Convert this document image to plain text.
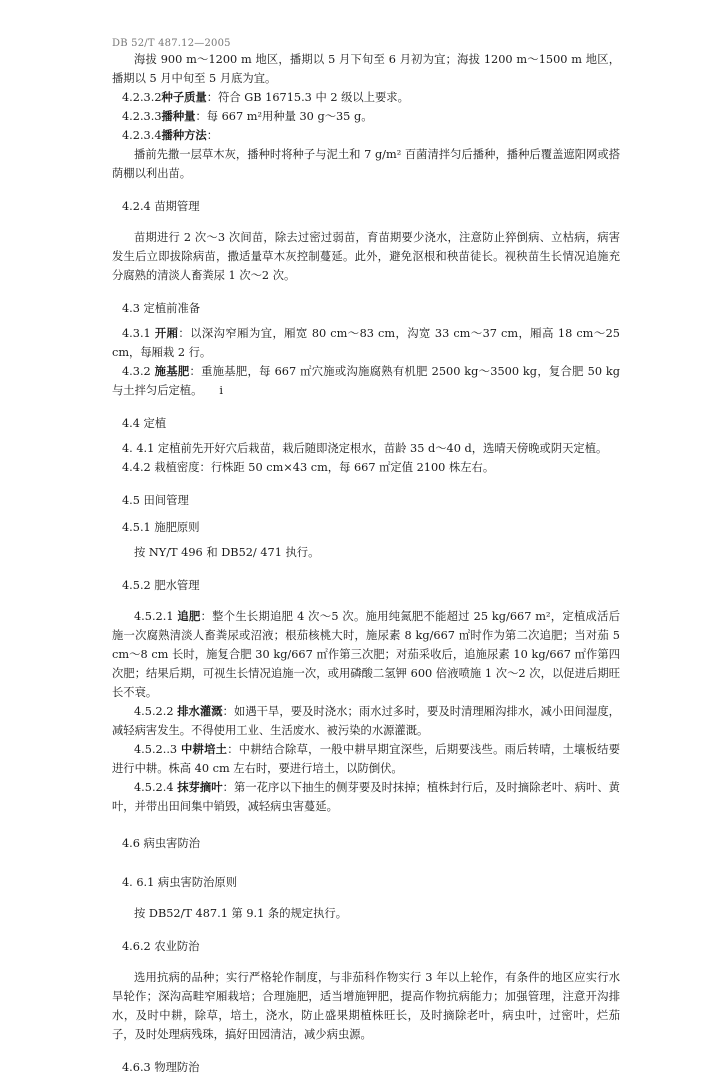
DB 52/T 487.12—2005

海拔 900 m～1200 m 地区，播期以 5 月下旬至 6 月初为宜；海拔 1200 m～1500 m 地区，播期以 5 月中旬至 5 月底为宜。

4.2.3.2种子质量：符合 GB 16715.3 中 2 级以上要求。

4.2.3.3播种量：每 667 m²用种量 30 g～35 g。

4.2.3.4播种方法：

播前先撒一层草木灰，播种时将种子与泥土和 7 g/m² 百菌清拌匀后播种，播种后覆盖遮阳网或搭荫棚以利出苗。

4.2.4 苗期管理

苗期进行 2 次～3 次间苗，除去过密过弱苗，育苗期要少浇水，注意防止猝倒病、立枯病，病害发生后立即拔除病苗，撒适量草木灰控制蔓延。此外，避免沤根和秧苗徒长。视秧苗生长情况追施充分腐熟的清淡人畜粪尿 1 次～2 次。

4.3 定植前准备

4.3.1 开厢：以深沟窄厢为宜，厢宽 80 cm～83 cm，沟宽 33 cm～37 cm，厢高 18 cm～25 cm，每厢栽 2 行。

4.3.2 施基肥：重施基肥，每 667 ㎡穴施或沟施腐熟有机肥 2500 kg～3500 kg，复合肥 50 kg 与土拌匀后定植。　　i

4.4 定植

4. 4.1 定植前先开好穴后栽苗，栽后随即浇定根水，苗龄 35 d～40 d，选晴天傍晚或阴天定植。

4.4.2 栽植密度：行株距 50 cm×43 cm，每 667 ㎡定值 2100 株左右。

4.5 田间管理

4.5.1 施肥原则

按 NY/T 496 和 DB52/ 471 执行。

4.5.2 肥水管理

4.5.2.1 追肥：整个生长期追肥 4 次～5 次。施用纯氮肥不能超过 25 kg/667 m²，定植成活后施一次腐熟清淡人畜粪尿或沼液；根茄核桃大时，施尿素 8 kg/667 ㎡时作为第二次追肥；当对茄 5 cm～8 cm 长时，施复合肥 30 kg/667 ㎡作第三次肥；对茄采收后，追施尿素 10 kg/667 ㎡作第四次肥；结果后期，可视生长情况追施一次，或用磷酸二氢钾 600 倍液喷施 1 次～2 次，以促进后期旺长不衰。

4.5.2.2 排水灌溉：如遇干旱，要及时浇水；雨水过多时，要及时清理厢沟排水，减小田间湿度，减轻病害发生。不得使用工业、生活废水、被污染的水源灌溉。

4.5.2..3 中耕培土：中耕结合除草，一般中耕早期宜深些，后期要浅些。雨后转晴，土壤板结要进行中耕。株高 40 cm 左右时，要进行培土，以防倒伏。

4.5.2.4 抹芽摘叶：第一花序以下抽生的侧芽要及时抹掉；植株封行后，及时摘除老叶、病叶、黄叶，并带出田间集中销毁，减轻病虫害蔓延。

4.6 病虫害防治

4. 6.1 病虫害防治原则

按 DB52/T 487.1 第 9.1 条的规定执行。

4.6.2 农业防治

选用抗病的品种；实行严格轮作制度，与非茄科作物实行 3 年以上轮作，有条件的地区应实行水旱轮作；深沟高畦窄厢栽培；合理施肥，适当增施钾肥，提高作物抗病能力；加强管理，注意开沟排水，及时中耕，除草，培土，浇水，防止盛果期植株旺长，及时摘除老叶，病虫叶，过密叶，烂茄子，及时处理病残珠，搞好田园清洁，减少病虫源。

4.6.3 物理防治
